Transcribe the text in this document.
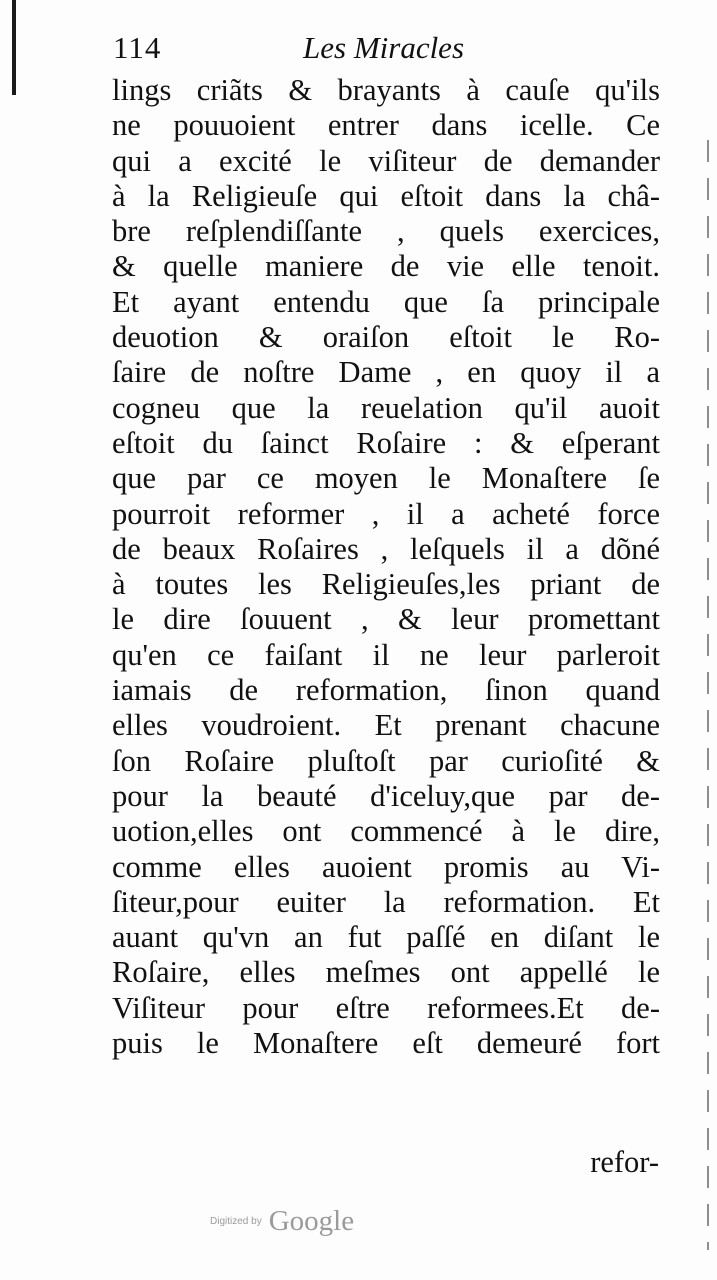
114	Les Miracles
lings criãts & brayants à cauſe qu'ils
ne pouuoient entrer dans icelle. Ce
qui a excité le viſiteur de demander
à la Religieuſe qui eſtoit dans la châ-
bre reſplendiſſante , quels exercices,
& quelle maniere de vie elle tenoit.
Et ayant entendu que ſa principale
deuotion & oraiſon eſtoit le Ro-
ſaire de noſtre Dame , en quoy il a
cogneu que la reuelation qu'il auoit
eſtoit du ſainct Roſaire : & eſperant
que par ce moyen le Monaſtere ſe
pourroit reformer , il a acheté force
de beaux Roſaires , leſquels il a dõné
à toutes les Religieuſes,les priant de
le dire ſouuent , & leur promettant
qu'en ce faiſant il ne leur parleroit
iamais de reformation, ſinon quand
elles voudroient. Et prenant chacune
ſon Roſaire pluſtoſt par curioſité &
pour la beauté d'iceluy,que par de-
uotion,elles ont commencé à le dire,
comme elles auoient promis au Vi-
ſiteur,pour euiter la reformation. Et
auant qu'vn an fut paſſé en diſant le
Roſaire, elles meſmes ont appellé le
Viſiteur pour eſtre reformees.Et de-
puis le Monaſtere eſt demeuré fort
refor-
Digitized by Google
